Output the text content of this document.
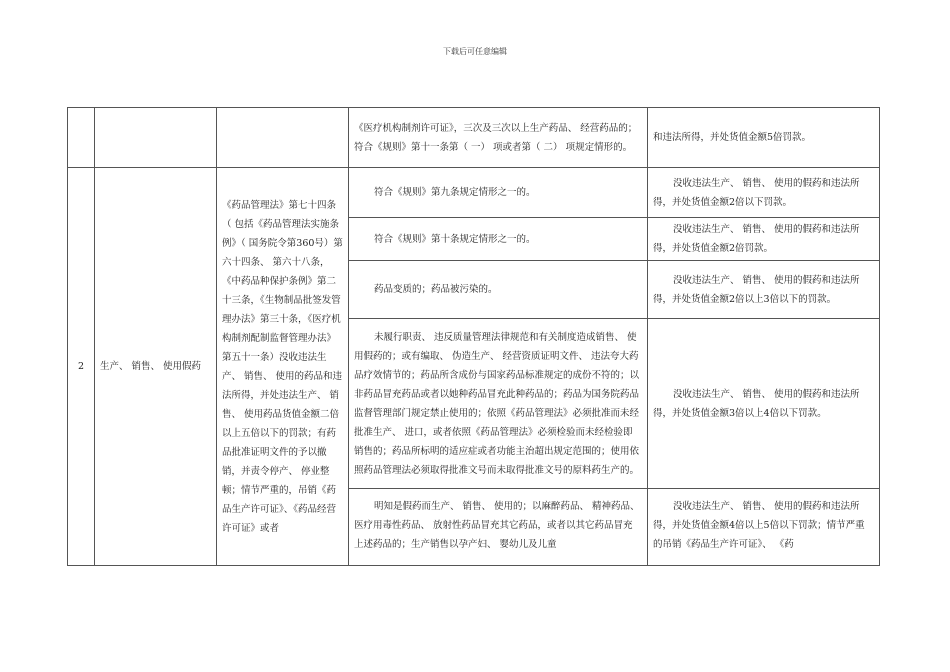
下载后可任意编辑
			《医疗机构制剂许可证》，三次及三次以上生产药品、 经营药品的；符合《规则》第十一条第（ 一） 项或者第（ 二） 项规定情形的。	和违法所得，并处货值金额5倍罚款。
2	生产、 销售、 使用假药	《药品管理法》第七十四条（ 包括《药品管理法实施条例》（ 国务院令第360号）第六十四条、 第六十八条，《中药品种保护条例》第二十三条，《生物制品批签发管理办法》第三十条，《医疗机构制剂配制监督管理办法》第五十一条）没收违法生产、 销售、 使用的药品和违法所得，并处违法生产、 销售、 使用药品货值金额二倍以上五倍以下的罚款；有药品批准证明文件的予以撤销，并责令停产、 停业整顿；情节严重的，吊销《药品生产许可证》、《药品经营许可证》或者	符合《规则》第九条规定情形之一的。	没收违法生产、 销售、 使用的假药和违法所得，并处货值金额2倍以下罚款。
			符合《规则》第十条规定情形之一的。	没收违法生产、 销售、 使用的假药和违法所得，并处货值金额2倍罚款。
			药品变质的；药品被污染的。	没收违法生产、 销售、 使用的假药和违法所得，并处货值金额2倍以上3倍以下的罚款。
			未履行职责、 违反质量管理法律规范和有关制度造成销售、 使用假药的；或有编取、 伪造生产、 经营资质证明文件、 违法夸大药品疗效情节的；药品所含成份与国家药品标准规定的成份不符的；以非药品冒充药品或者以她种药品冒充此种药品的；药品为国务院药品监督管理部门规定禁止使用的；依照《药品管理法》必须批准而未经批准生产、 进口，或者依照《药品管理法》必须检验而未经检验即销售的；药品所标明的适应症或者功能主治超出规定范围的；使用依照药品管理法必须取得批准文号而未取得批准文号的原料药生产的。	没收违法生产、 销售、 使用的假药和违法所得，并处货值金额3倍以上4倍以下罚款。
			明知是假药而生产、 销售、 使用的；以麻醉药品、 精神药品、 医疗用毒性药品、 放射性药品冒充其它药品，或者以其它药品冒充上述药品的；生产销售以孕产妇、 婴幼儿及儿童	没收违法生产、 销售、 使用的假药和违法所得，并处货值金额4倍以上5倍以下罚款；情节严重的吊销《药品生产许可证》、 《药
